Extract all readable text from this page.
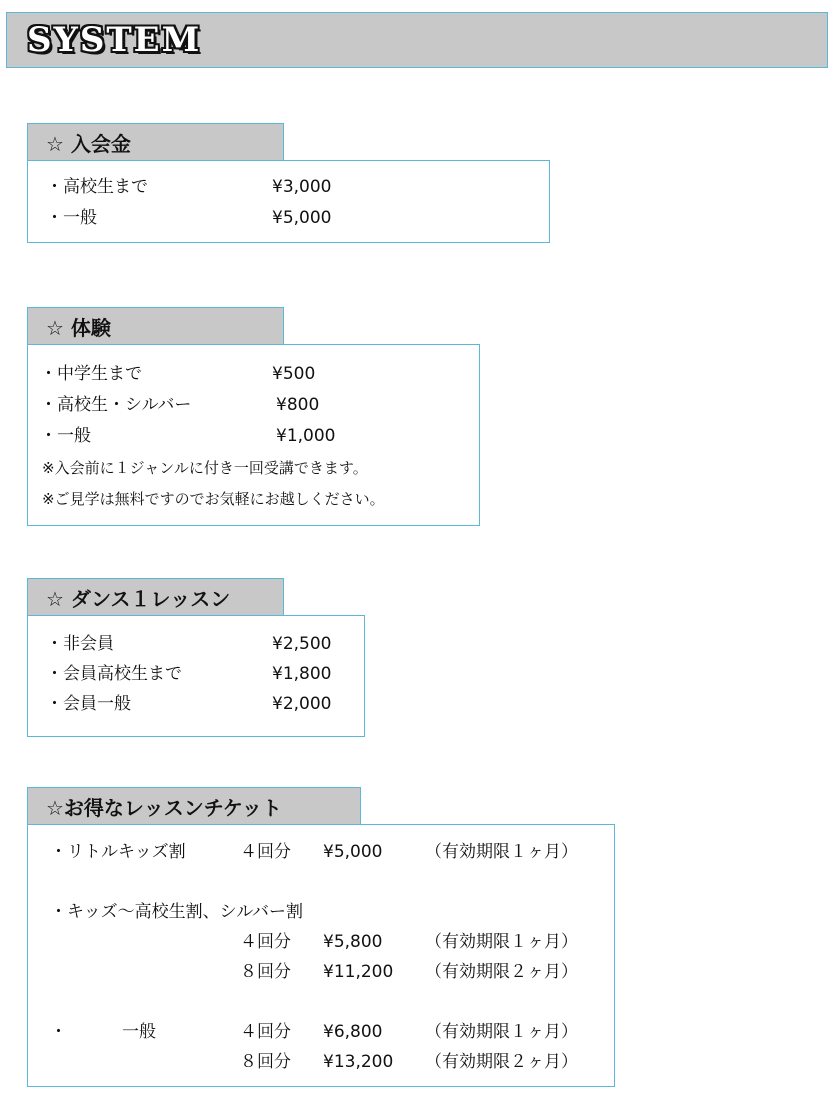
SYSTEM
☆ 入会金
・高校生まで	¥3,000
・一般	¥5,000
☆ 体験
・中学生まで	¥500
・高校生・シルバー	¥800
・一般	¥1,000
※入会前に１ジャンルに付き一回受講できます。
※ご見学は無料ですのでお気軽にお越しください。
☆ ダンス１レッスン
・非会員	¥2,500
・会員高校生まで	¥1,800
・会員一般	¥2,000
☆お得なレッスンチケット
・リトルキッズ割	４回分 ¥5,000	（有効期限１ヶ月）
・キッズ〜高校生割、シルバー割
４回分 ¥5,800	（有効期限１ヶ月）
８回分 ¥11,200 （有効期限２ヶ月）
・	一般	４回分 ¥6,800	（有効期限１ヶ月）
８回分 ¥13,200 （有効期限２ヶ月）
